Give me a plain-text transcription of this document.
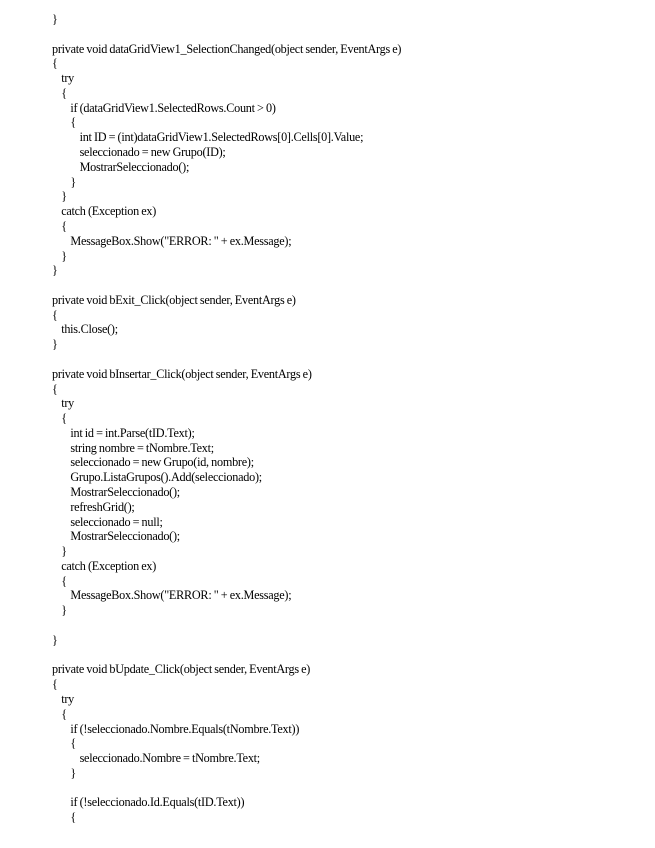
}
private void dataGridView1_SelectionChanged(object sender, EventArgs e)
{
try
{
if (dataGridView1.SelectedRows.Count > 0)
{
int ID = (int)dataGridView1.SelectedRows[0].Cells[0].Value;
seleccionado = new Grupo(ID);
MostrarSeleccionado();
}
}
catch (Exception ex)
{
MessageBox.Show("ERROR: " + ex.Message);
}
}
private void bExit_Click(object sender, EventArgs e)
{
this.Close();
}
private void bInsertar_Click(object sender, EventArgs e)
{
try
{
int id = int.Parse(tID.Text);
string nombre = tNombre.Text;
seleccionado = new Grupo(id, nombre);
Grupo.ListaGrupos().Add(seleccionado);
MostrarSeleccionado();
refreshGrid();
seleccionado = null;
MostrarSeleccionado();
}
catch (Exception ex)
{
MessageBox.Show("ERROR: " + ex.Message);
}
}
private void bUpdate_Click(object sender, EventArgs e)
{
try
{
if (!seleccionado.Nombre.Equals(tNombre.Text))
{
seleccionado.Nombre = tNombre.Text;
}
if (!seleccionado.Id.Equals(tID.Text))
{
